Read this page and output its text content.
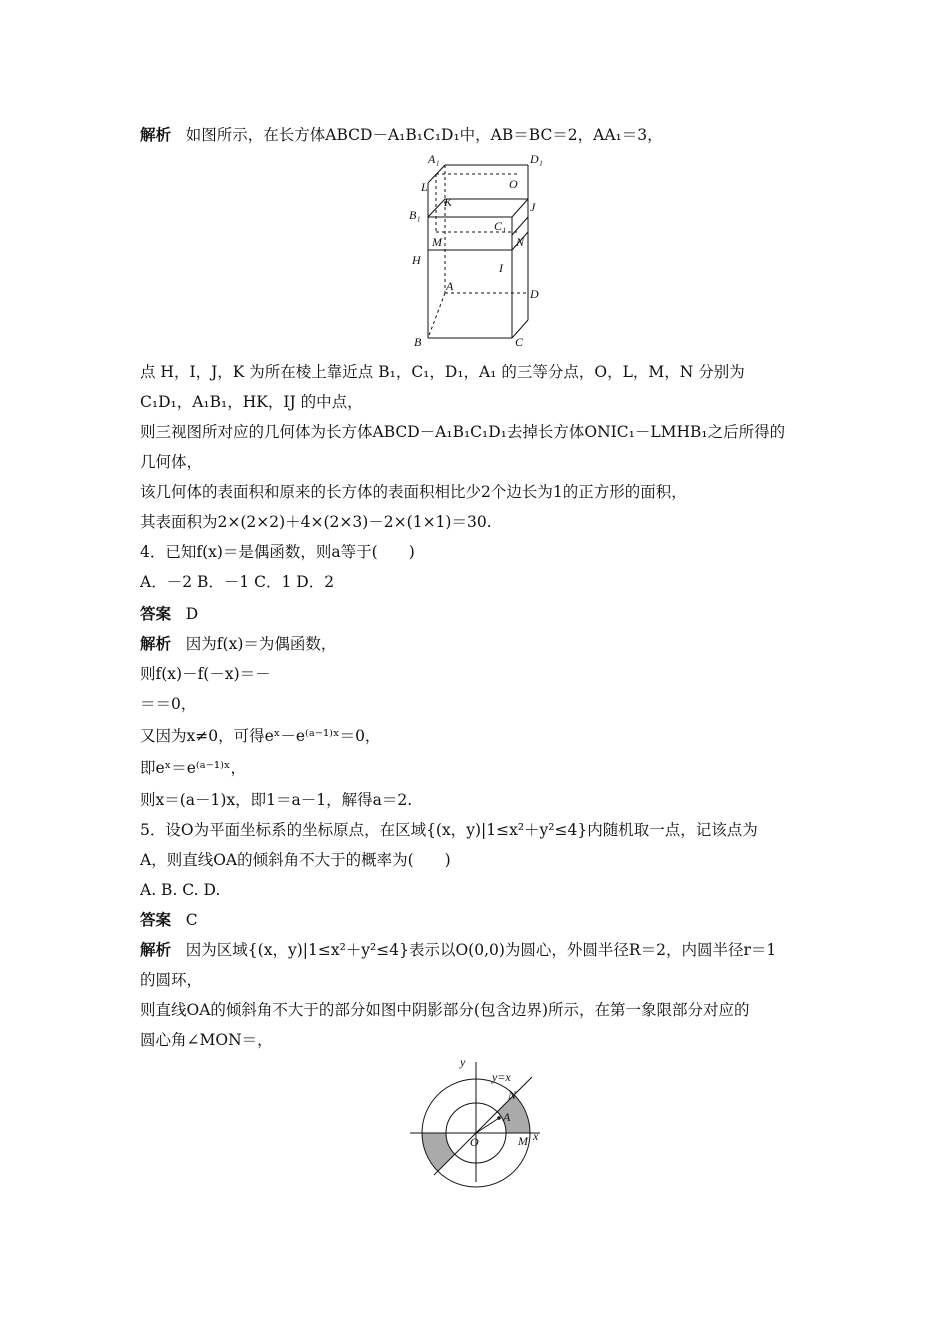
解析 如图所示，在长方体ABCD－A₁B₁C₁D₁中，AB＝BC＝2，AA₁＝3，
A₁	D₁
L	O
K	J
B₁
C₁
M	N
H
I
A
D
B	C
点 H，I，J，K 为所在棱上靠近点 B₁，C₁，D₁，A₁ 的三等分点，O，L，M，N 分别为
C₁D₁，A₁B₁，HK，IJ 的中点，
则三视图所对应的几何体为长方体ABCD－A₁B₁C₁D₁去掉长方体ONIC₁－LMHB₁之后所得的
几何体，
该几何体的表面积和原来的长方体的表面积相比少2个边长为1的正方形的面积，
其表面积为2×(2×2)＋4×(2×3)－2×(1×1)＝30.
4．已知f(x)＝是偶函数，则a等于(　　)
A．－2 B．－1 C．1 D．2
答案 D
解析 因为f(x)＝为偶函数，
则f(x)－f(－x)＝－
＝＝0，
又因为x≠0，可得eˣ－e⁽ᵃ⁻¹⁾ˣ＝0，
即eˣ＝e⁽ᵃ⁻¹⁾ˣ，
则x＝(a－1)x，即1＝a－1，解得a＝2.
5．设O为平面坐标系的坐标原点，在区域{(x，y)|1≤x²＋y²≤4}内随机取一点，记该点为
A，则直线OA的倾斜角不大于的概率为(　　)
A. B. C. D.
答案 C
解析 因为区域{(x，y)|1≤x²＋y²≤4}表示以O(0,0)为圆心，外圆半径R＝2，内圆半径r＝1
的圆环，
则直线OA的倾斜角不大于的部分如图中阴影部分(包含边界)所示，在第一象限部分对应的
圆心角∠MON＝，
y
y=x
N
A
O	M x
